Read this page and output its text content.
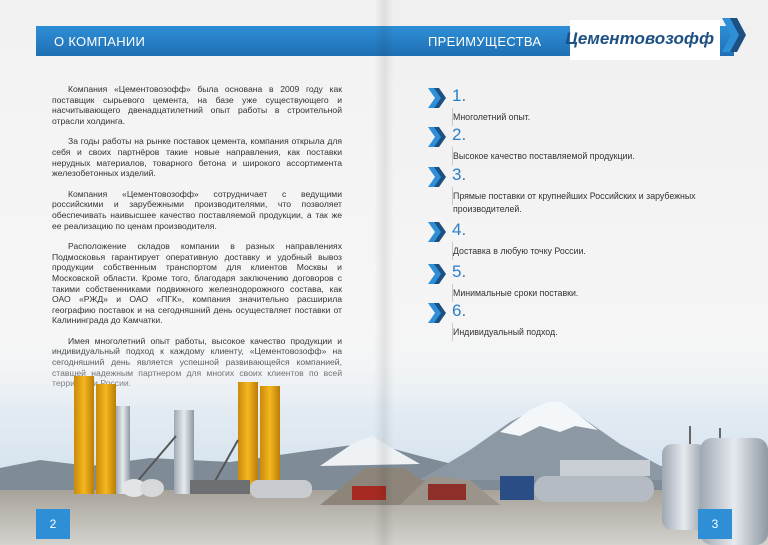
О КОМПАНИИ

Компания «Цементовозофф» была основана в 2009 году как поставщик сырьевого цемента, на базе уже существующего и насчитывающего двенадцатилетний опыт работы в строительной отрасли холдинга.

За годы работы на рынке поставок цемента, компания открыла для себя и своих партнёров такие новые направления, как поставки нерудных материалов, товарного бетона и широкого ассортимента железобетонных изделий.

Компания «Цементовозофф» сотрудничает с ведущими российскими и зарубежными производителями, что позволяет обеспечивать наивысшее качество поставляемой продукции, а так же ее реализацию по ценам производителя.

Расположение складов компании в разных направлениях Подмосковья гарантирует оперативную доставку и удобный вывоз продукции собственным транспортом для клиентов Москвы и Московской области. Кроме того, благодаря заключению договоров с такими собственниками подвижного железнодорожного состава, как ОАО «РЖД» и ОАО «ПГК», компания значительно расширила географию поставок и на сегодняшний день осуществляет поставки от Калининграда до Камчатки.

ПРЕИМУЩЕСТВА Цементовозофф
1.
Многолетний опыт.
2.
Высокое качество поставляемой продукции.
3.
Прямые поставки от крупнейших Российских и зарубежных производителей.
4.
Доставка в любую точку России.
5.
Минимальные сроки поставки.
6.
Индивидуальный подход.
2	3
